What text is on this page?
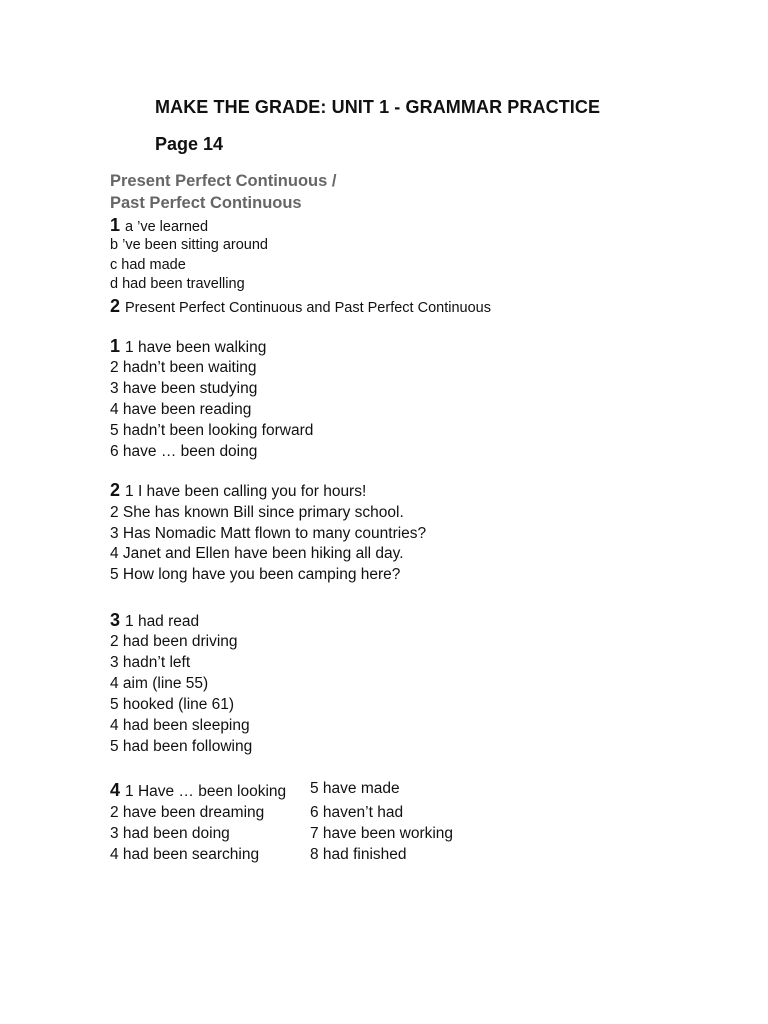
MAKE THE GRADE: UNIT 1 - GRAMMAR PRACTICE
Page 14
Present Perfect Continuous /
Past Perfect Continuous
1 a ’ve learned
b ’ve been sitting around
c had made
d had been travelling
2 Present Perfect Continuous and Past Perfect Continuous
1 1 have been walking
2 hadn’t been waiting
3 have been studying
4 have been reading
5 hadn’t been looking forward
6 have … been doing
2 1 I have been calling you for hours!
2 She has known Bill since primary school.
3 Has Nomadic Matt flown to many countries?
4 Janet and Ellen have been hiking all day.
5 How long have you been camping here?
3 1 had read
2 had been driving
3 hadn’t left
4 aim (line 55)
5 hooked (line 61)
4 had been sleeping
5 had been following
4 1 Have … been looking 5 have made
2 have been dreaming	6 haven’t had
3 had been doing	7 have been working
4 had been searching	8 had finished
